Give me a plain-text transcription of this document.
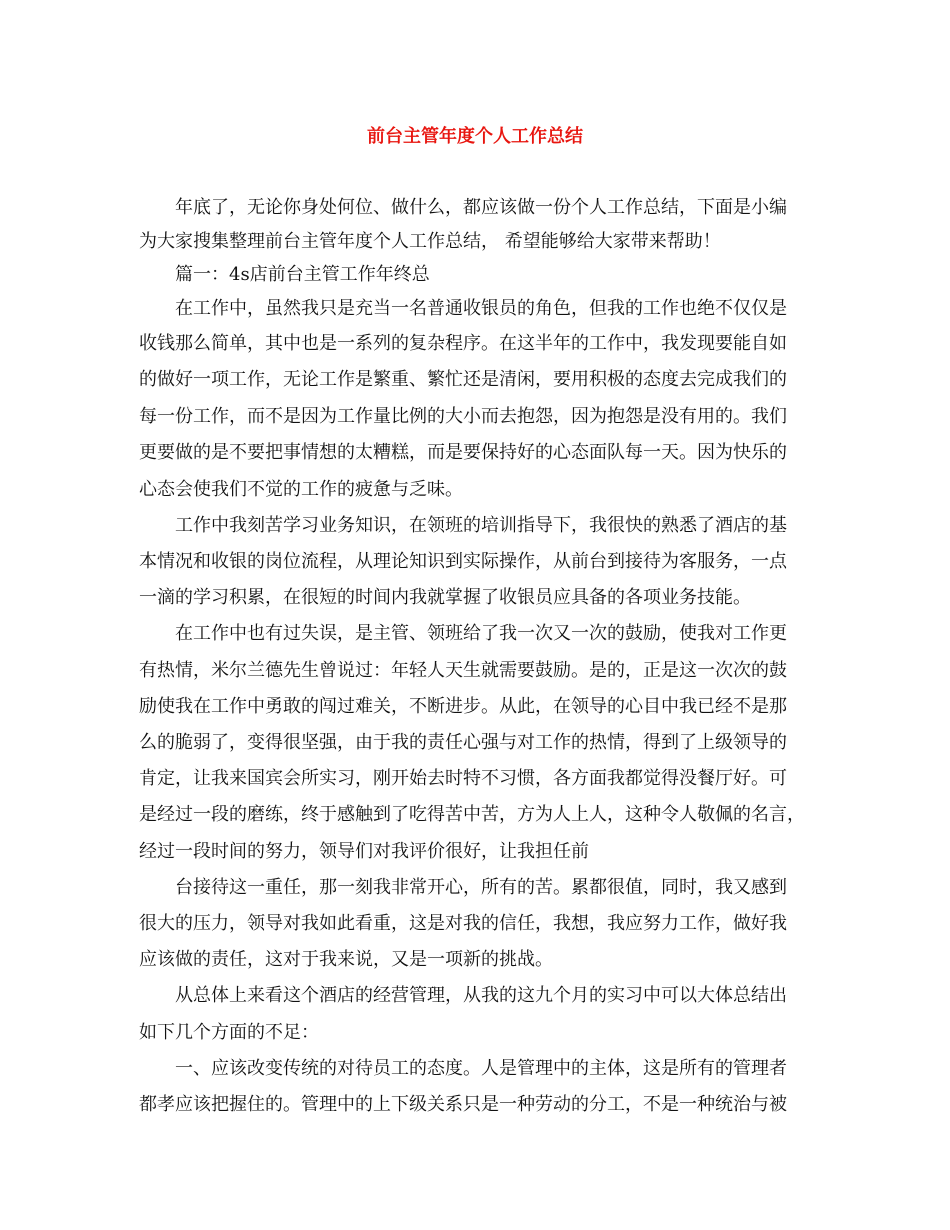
前台主管年度个人工作总结
年底了，无论你身处何位、做什么，都应该做一份个人工作总结，下面是小编
为大家搜集整理前台主管年度个人工作总结， 希望能够给大家带来帮助！
篇一：4s店前台主管工作年终总
在工作中，虽然我只是充当一名普通收银员的角色，但我的工作也绝不仅仅是
收钱那么简单，其中也是一系列的复杂程序。在这半年的工作中，我发现要能自如
的做好一项工作，无论工作是繁重、繁忙还是清闲，要用积极的态度去完成我们的
每一份工作，而不是因为工作量比例的大小而去抱怨，因为抱怨是没有用的。我们
更要做的是不要把事情想的太糟糕，而是要保持好的心态面队每一天。因为快乐的
心态会使我们不觉的工作的疲惫与乏味。
工作中我刻苦学习业务知识，在领班的培训指导下，我很快的熟悉了酒店的基
本情况和收银的岗位流程，从理论知识到实际操作，从前台到接待为客服务，一点
一滴的学习积累，在很短的时间内我就掌握了收银员应具备的各项业务技能。
在工作中也有过失误，是主管、领班给了我一次又一次的鼓励，使我对工作更
有热情，米尔兰德先生曾说过：年轻人天生就需要鼓励。是的，正是这一次次的鼓
励使我在工作中勇敢的闯过难关，不断进步。从此，在领导的心目中我已经不是那
么的脆弱了，变得很坚强，由于我的责任心强与对工作的热情，得到了上级领导的
肯定，让我来国宾会所实习，刚开始去时特不习惯，各方面我都觉得没餐厅好。可
是经过一段的磨练，终于感触到了吃得苦中苦，方为人上人，这种令人敬佩的名言，
经过一段时间的努力，领导们对我评价很好，让我担任前
台接待这一重任，那一刻我非常开心，所有的苦。累都很值，同时，我又感到
很大的压力，领导对我如此看重，这是对我的信任，我想，我应努力工作，做好我
应该做的责任，这对于我来说，又是一项新的挑战。
从总体上来看这个酒店的经营管理，从我的这九个月的实习中可以大体总结出
如下几个方面的不足：
一、应该改变传统的对待员工的态度。人是管理中的主体，这是所有的管理者
都孝应该把握住的。管理中的上下级关系只是一种劳动的分工，不是一种统治与被
